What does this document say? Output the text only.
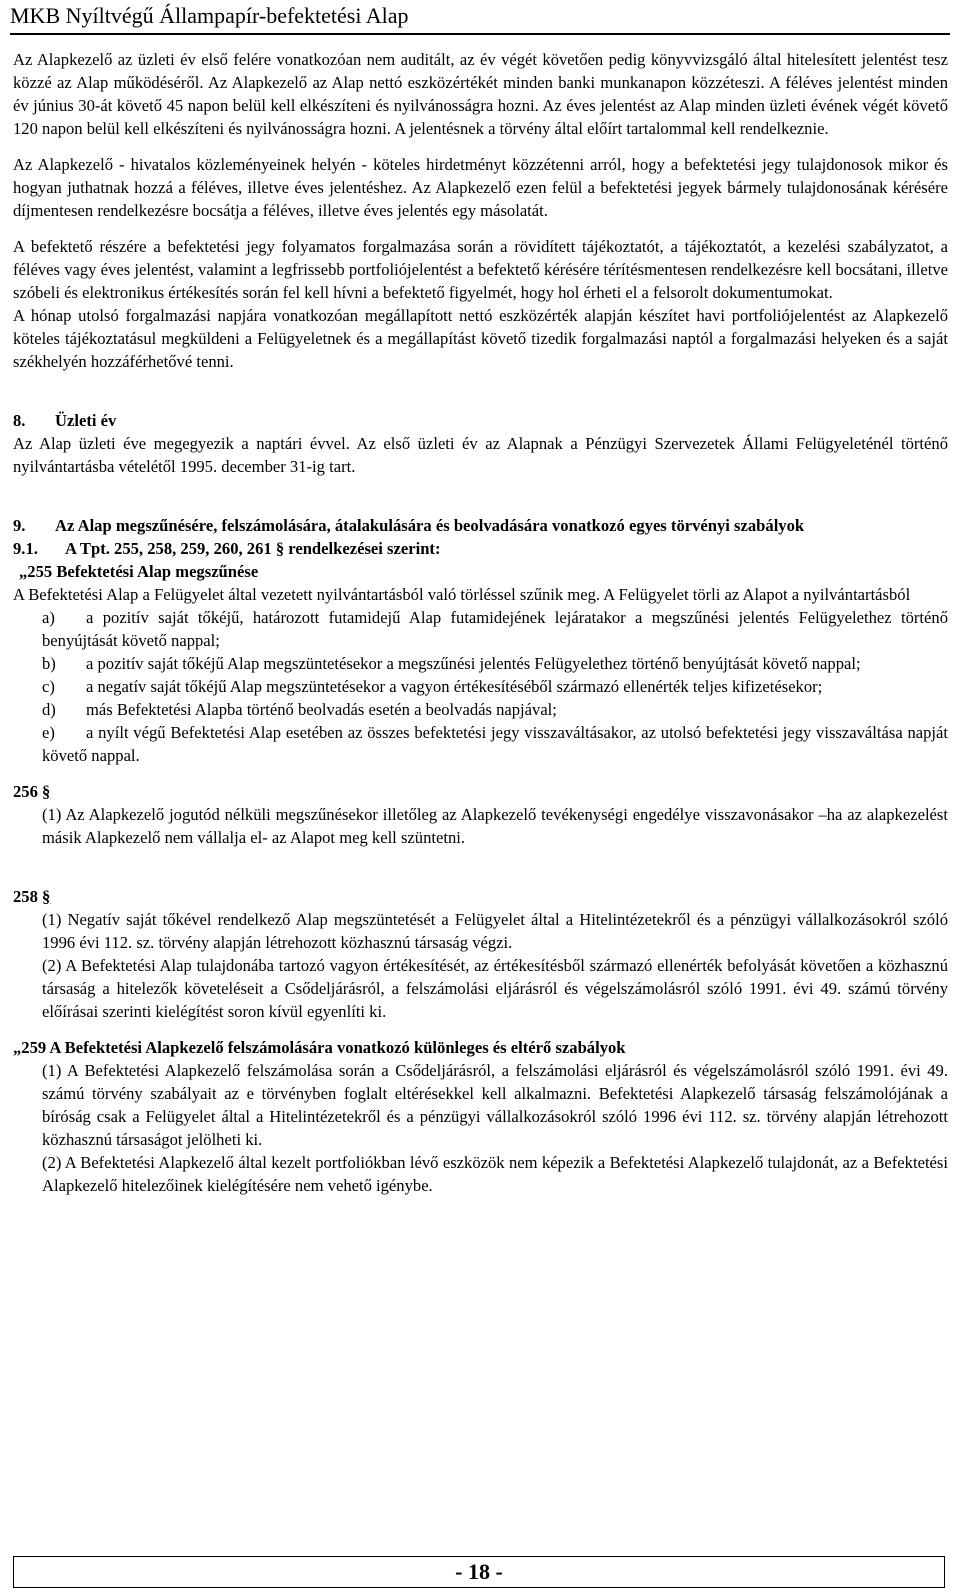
MKB Nyíltvégű Állampapír-befektetési Alap

Az Alapkezelő az üzleti év első felére vonatkozóan nem auditált, az év végét követően pedig könyvvizsgáló által hitelesített jelentést tesz közzé az Alap működéséről. Az Alapkezelő az Alap nettó eszközértékét minden banki munkanapon közzéteszi. A féléves jelentést minden év június 30-át követő 45 napon belül kell elkészíteni és nyilvánosságra hozni. Az éves jelentést az Alap minden üzleti évének végét követő 120 napon belül kell elkészíteni és nyilvánosságra hozni. A jelentésnek a törvény által előírt tartalommal kell rendelkeznie.

Az Alapkezelő - hivatalos közleményeinek helyén - köteles hirdetményt közzétenni arról, hogy a befektetési jegy tulajdonosok mikor és hogyan juthatnak hozzá a féléves, illetve éves jelentéshez. Az Alapkezelő ezen felül a befektetési jegyek bármely tulajdonosának kérésére díjmentesen rendelkezésre bocsátja a féléves, illetve éves jelentés egy másolatát.

A befektető részére a befektetési jegy folyamatos forgalmazása során a rövidített tájékoztatót, a tájékoztatót, a kezelési szabályzatot, a féléves vagy éves jelentést, valamint a legfrissebb portfoliójelentést a befektető kérésére térítésmentesen rendelkezésre kell bocsátani, illetve szóbeli és elektronikus értékesítés során fel kell hívni a befektető figyelmét, hogy hol érheti el a felsorolt dokumentumokat.

A hónap utolsó forgalmazási napjára vonatkozóan megállapított nettó eszközérték alapján készítet havi portfoliójelentést az Alapkezelő köteles tájékoztatásul megküldeni a Felügyeletnek és a megállapítást követő tizedik forgalmazási naptól a forgalmazási helyeken és a saját székhelyén hozzáférhetővé tenni.

8. Üzleti év

Az Alap üzleti éve megegyezik a naptári évvel. Az első üzleti év az Alapnak a Pénzügyi Szervezetek Állami Felügyeleténél történő nyilvántartásba vételétől 1995. december 31-ig tart.

9. Az Alap megszűnésére, felszámolására, átalakulására és beolvadására vonatkozó egyes törvényi szabályok

9.1. A Tpt. 255, 258, 259, 260, 261 § rendelkezései szerint:

„255 Befektetési Alap megszűnése

A Befektetési Alap a Felügyelet által vezetett nyilvántartásból való törléssel szűnik meg. A Felügyelet törli az Alapot a nyilvántartásból

a) a pozitív saját tőkéjű, határozott futamidejű Alap futamidejének lejáratakor a megszűnési jelentés Felügyelethez történő benyújtását követő nappal;

b) a pozitív saját tőkéjű Alap megszüntetésekor a megszűnési jelentés Felügyelethez történő benyújtását követő nappal;

c) a negatív saját tőkéjű Alap megszüntetésekor a vagyon értékesítéséből származó ellenérték teljes kifizetésekor;

d) más Befektetési Alapba történő beolvadás esetén a beolvadás napjával;

e) a nyílt végű Befektetési Alap esetében az összes befektetési jegy visszaváltásakor, az utolsó befektetési jegy visszaváltása napját követő nappal.

256 §

(1) Az Alapkezelő jogutód nélküli megszűnésekor illetőleg az Alapkezelő tevékenységi engedélye visszavonásakor –ha az alapkezelést másik Alapkezelő nem vállalja el- az Alapot meg kell szüntetni.

258 §

(1) Negatív saját tőkével rendelkező Alap megszüntetését a Felügyelet által a Hitelintézetekről és a pénzügyi vállalkozásokról szóló 1996 évi 112. sz. törvény alapján létrehozott közhasznú társaság végzi.

(2) A Befektetési Alap tulajdonába tartozó vagyon értékesítését, az értékesítésből származó ellenérték befolyását követően a közhasznú társaság a hitelezők követeléseit a Csődeljárásról, a felszámolási eljárásról és végelszámolásról szóló 1991. évi 49. számú törvény előírásai szerinti kielégítést soron kívül egyenlíti ki.

„259 A Befektetési Alapkezelő felszámolására vonatkozó különleges és eltérő szabályok

(1) A Befektetési Alapkezelő felszámolása során a Csődeljárásról, a felszámolási eljárásról és végelszámolásról szóló 1991. évi 49. számú törvény szabályait az e törvényben foglalt eltérésekkel kell alkalmazni. Befektetési Alapkezelő társaság felszámolójának a bíróság csak a Felügyelet által a Hitelintézetekről és a pénzügyi vállalkozásokról szóló 1996 évi 112. sz. törvény alapján létrehozott közhasznú társaságot jelölheti ki.

(2) A Befektetési Alapkezelő által kezelt portfoliókban lévő eszközök nem képezik a Befektetési Alapkezelő tulajdonát, az a Befektetési Alapkezelő hitelezőinek kielégítésére nem vehető igénybe.

- 18 -
